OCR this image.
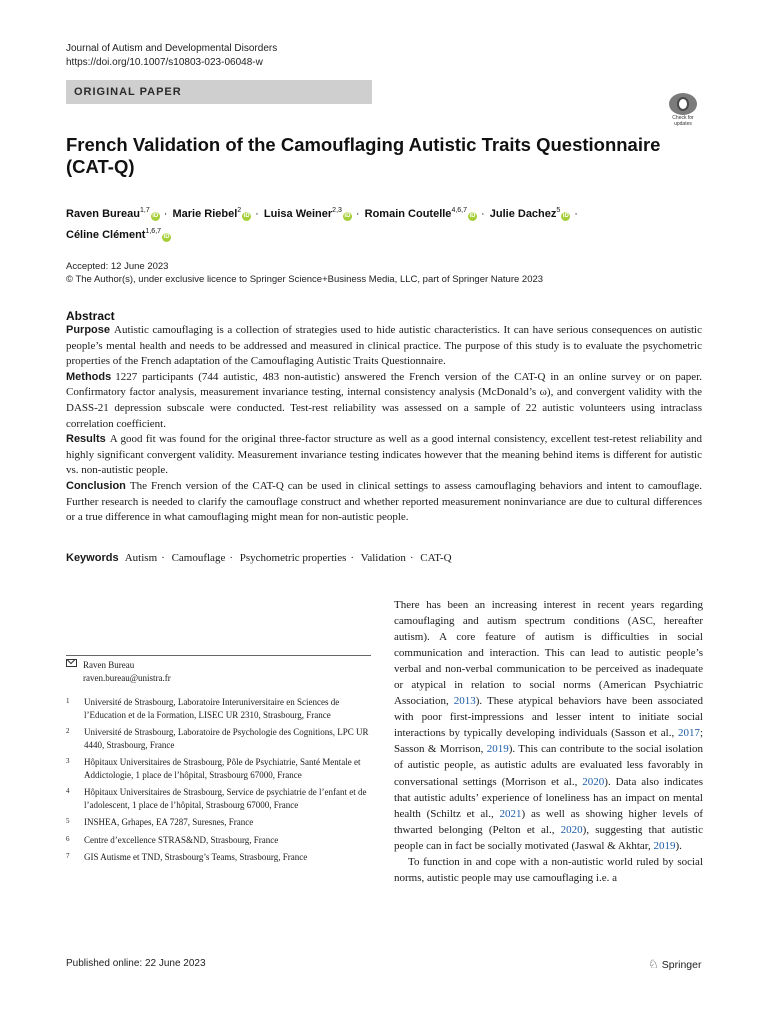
Journal of Autism and Developmental Disorders
https://doi.org/10.1007/s10803-023-06048-w
ORIGINAL PAPER
Check for
updates
French Validation of the Camouflaging Autistic Traits Questionnaire (CAT-Q)
Raven Bureau$^{1,7}$iD · Marie Riebel$^2$iD · Luisa Weiner$^{2,3}$iD · Romain Coutelle$^{4,6,7}$iD · Julie Dachez$^5$iD ·
Céline Clément$^{1,6,7}$iD
Accepted: 12 June 2023
© The Author(s), under exclusive licence to Springer Science+Business Media, LLC, part of Springer Nature 2023
Abstract

Purpose Autistic camouflaging is a collection of strategies used to hide autistic characteristics. It can have serious consequences on autistic people’s mental health and needs to be addressed and measured in clinical practice. The purpose of this study is to evaluate the psychometric properties of the French adaptation of the Camouflaging Autistic Traits Questionnaire.

Methods 1227 participants (744 autistic, 483 non-autistic) answered the French version of the CAT-Q in an online survey or on paper. Confirmatory factor analysis, measurement invariance testing, internal consistency analysis (McDonald’s ω), and convergent validity with the DASS-21 depression subscale were conducted. Test-rest reliability was assessed on a sample of 22 autistic volunteers using intraclass correlation coefficient.

Results A good fit was found for the original three-factor structure as well as a good internal consistency, excellent test-retest reliability and highly significant convergent validity. Measurement invariance testing indicates however that the meaning behind items is different for autistic vs. non-autistic people.

Conclusion The French version of the CAT-Q can be used in clinical settings to assess camouflaging behaviors and intent to camouflage. Further research is needed to clarify the camouflage construct and whether reported measurement noninvariance are due to cultural differences or a true difference in what camouflaging might mean for non-autistic people.

Keywords Autism · Camouflage · Psychometric properties · Validation · CAT-Q
Raven Bureau
raven.bureau@unistra.fr
1	Université de Strasbourg, Laboratoire Interuniversitaire en Sciences de l’Education et de la Formation, LISEC UR 2310, Strasbourg, France
2	Université de Strasbourg, Laboratoire de Psychologie des Cognitions, LPC UR 4440, Strasbourg, France
3	Hôpitaux Universitaires de Strasbourg, Pôle de Psychiatrie, Santé Mentale et Addictologie, 1 place de l’hôpital, Strasbourg 67000, France
4	Hôpitaux Universitaires de Strasbourg, Service de psychiatrie de l’enfant et de l’adolescent, 1 place de l’hôpital, Strasbourg 67000, France
5	INSHEA, Grhapes, EA 7287, Suresnes, France
6	Centre d’excellence STRAS&ND, Strasbourg, France
7	GIS Autisme et TND, Strasbourg’s Teams, Strasbourg, France

There has been an increasing interest in recent years regarding camouflaging and autism spectrum conditions (ASC, hereafter autism). A core feature of autism is difficulties in social communication and interaction. This can lead to autistic people’s verbal and non-verbal communication to be perceived as inadequate or atypical in relation to social norms (American Psychiatric Association, 2013). These atypical behaviors have been associated with poor first-impressions and lesser intent to initiate social interactions by typically developing individuals (Sasson et al., 2017; Sasson & Morrison, 2019). This can contribute to the social isolation of autistic people, as autistic adults are evaluated less favorably in conversational settings (Morrison et al., 2020). Data also indicates that autistic adults’ experience of loneliness has an impact on mental health (Schiltz et al., 2021) as well as showing higher levels of thwarted belonging (Pelton et al., 2020), suggesting that autistic people can in fact be socially motivated (Jaswal & Akhtar, 2019).

To function in and cope with a non-autistic world ruled by social norms, autistic people may use camouflaging i.e. a

Published online: 22 June 2023	♘ Springer
